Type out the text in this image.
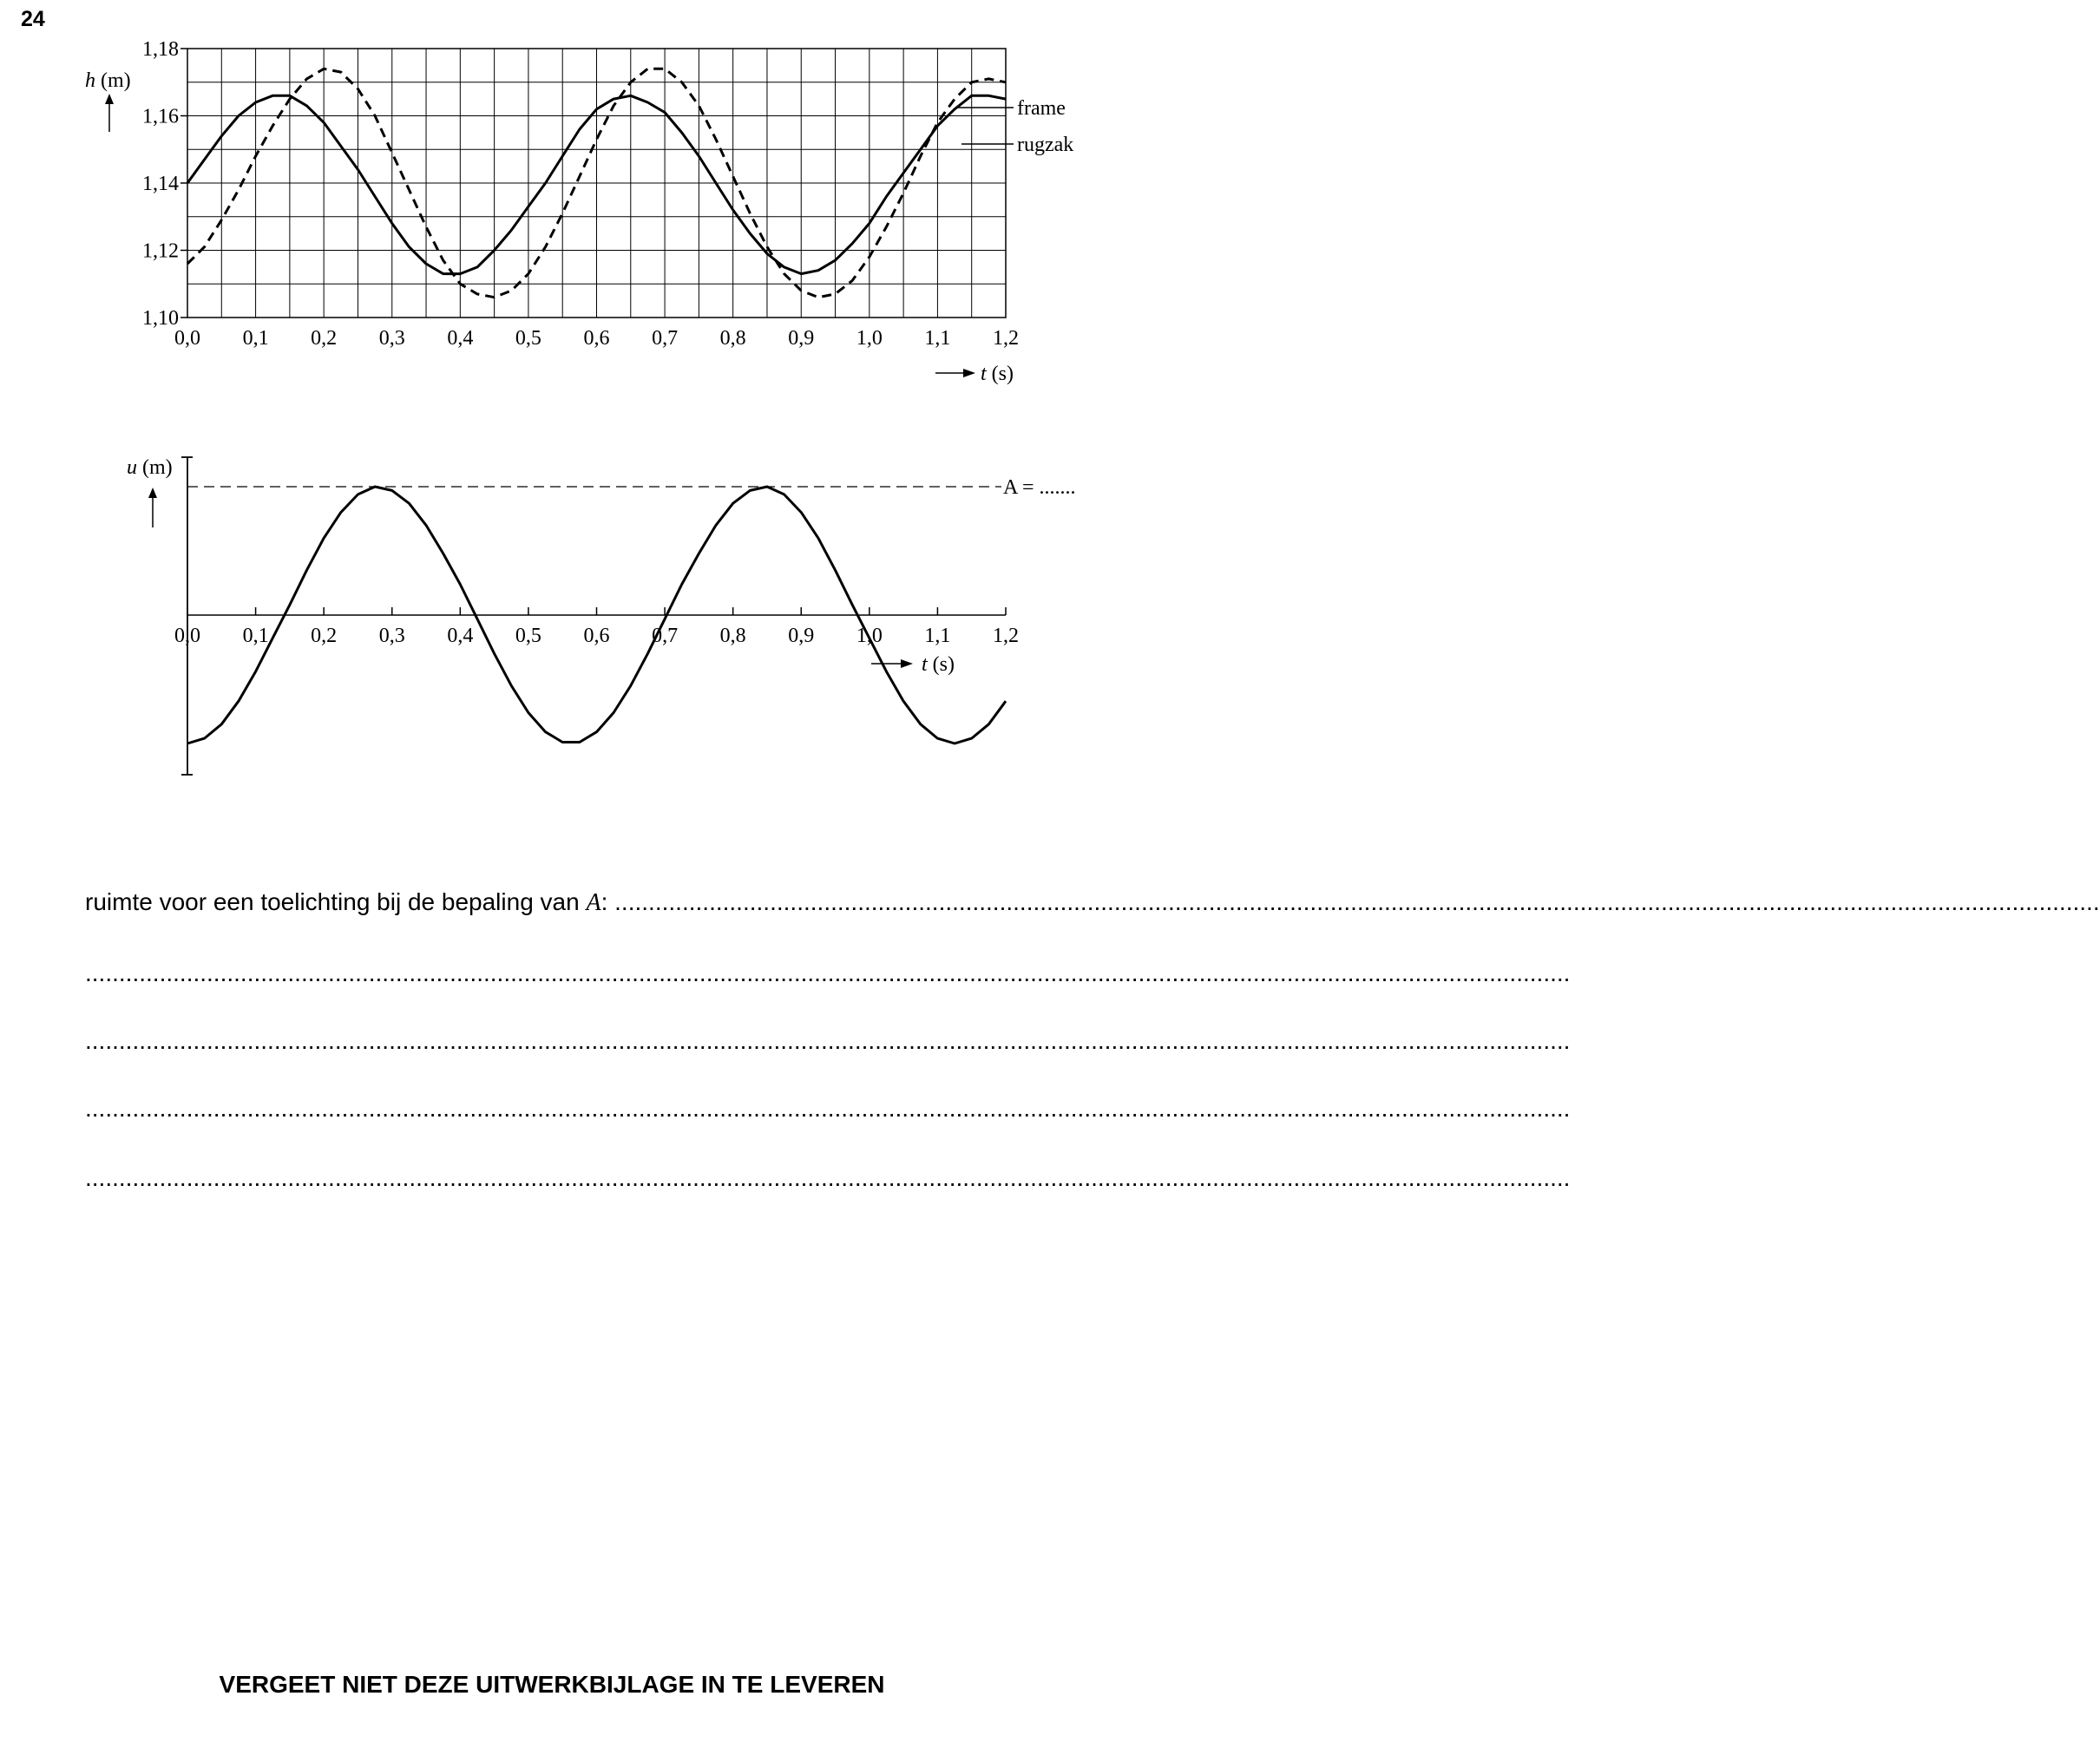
24
1,10
1,12
1,14
1,16
1,18
0,0 0,1 0,2 0,3 0,4 0,5 0,6 0,7 0,8 0,9 1,0 1,1 1,2
h (m)
t (s)
frame
rugzak
0,0 0,1 0,2 0,3 0,4 0,5 0,6 0,7 0,8 0,9 1,0 1,1 1,2
A = .......
u (m)
t (s)
ruimte voor een toelichting bij de bepaling van A: ............................................................................................................................................................................................................................
............................................................................................................................................................................................................................
............................................................................................................................................................................................................................
............................................................................................................................................................................................................................
............................................................................................................................................................................................................................
VERGEET NIET DEZE UITWERKBIJLAGE IN TE LEVEREN
